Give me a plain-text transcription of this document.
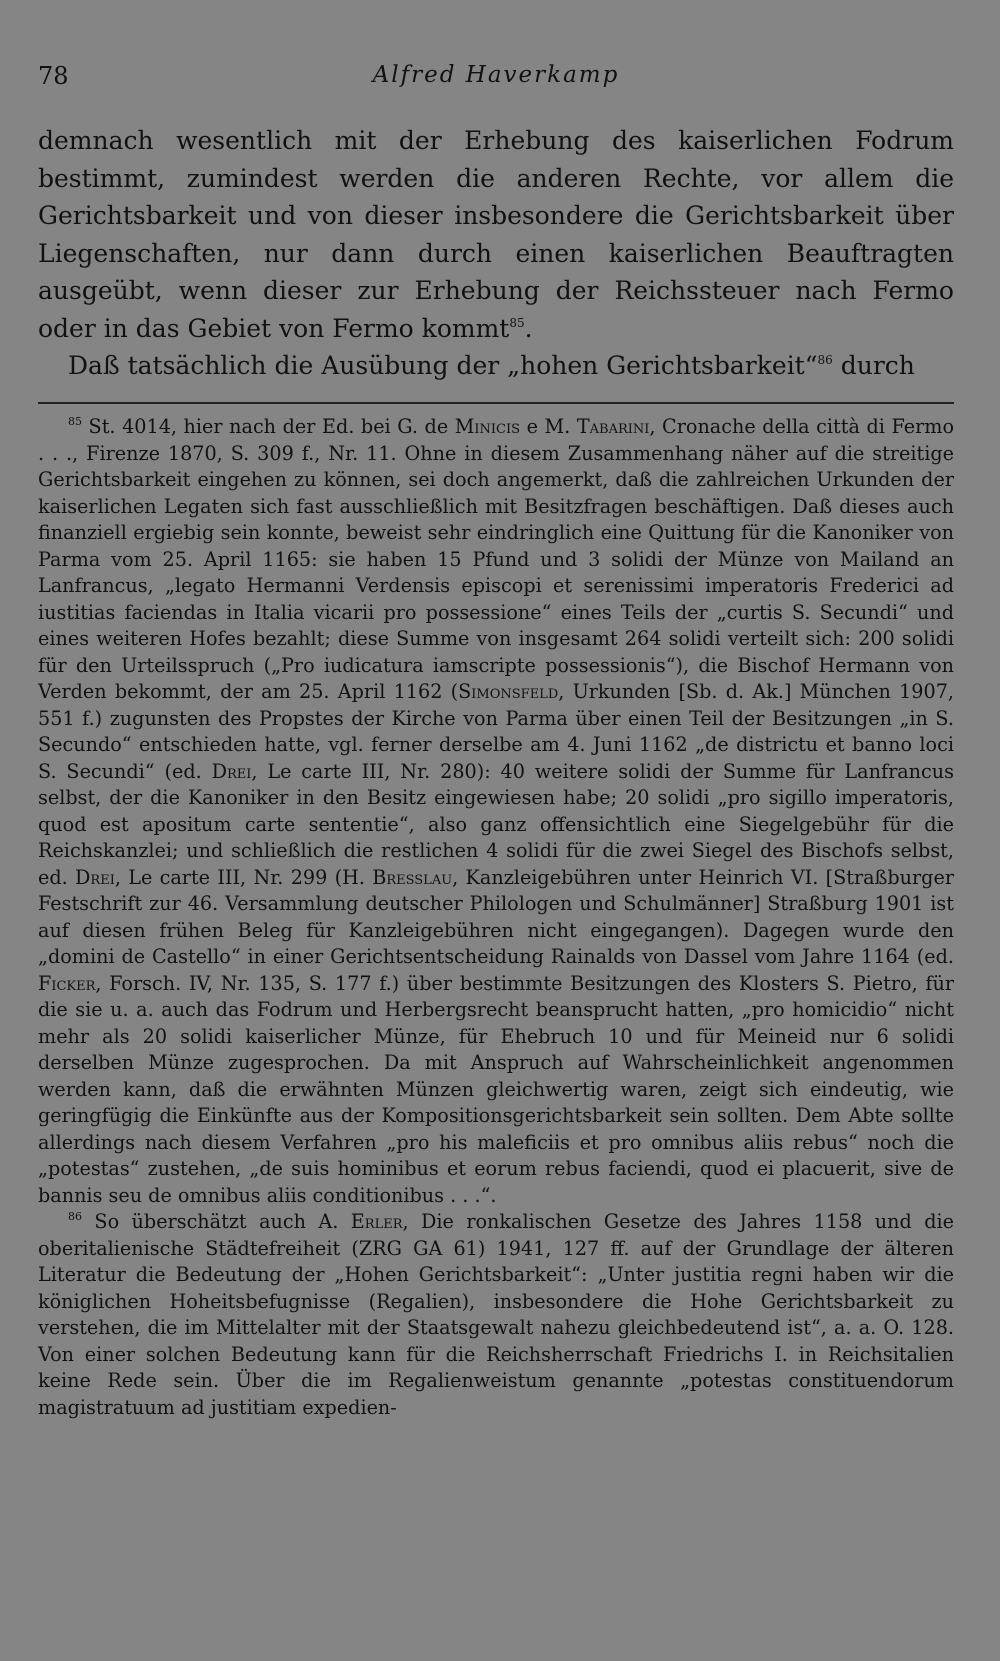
78	Alfred Haverkamp

demnach wesentlich mit der Erhebung des kaiserlichen Fodrum bestimmt, zumindest werden die anderen Rechte, vor allem die Gerichtsbarkeit und von dieser insbesondere die Gerichtsbarkeit über Liegenschaften, nur dann durch einen kaiserlichen Beauftragten ausgeübt, wenn dieser zur Erhebung der Reichssteuer nach Fermo oder in das Gebiet von Fermo kommt$^{85}$.

Daß tatsächlich die Ausübung der „hohen Gerichtsbarkeit“$^{86}$ durch

$^{85}$ St. 4014, hier nach der Ed. bei G. de Minicis e M. Tabarini, Cronache della città di Fermo . . ., Firenze 1870, S. 309 f., Nr. 11. Ohne in diesem Zusammenhang näher auf die streitige Gerichtsbarkeit eingehen zu können, sei doch angemerkt, daß die zahlreichen Urkunden der kaiserlichen Legaten sich fast ausschließlich mit Besitzfragen beschäftigen. Daß dieses auch finanziell ergiebig sein konnte, beweist sehr eindringlich eine Quittung für die Kanoniker von Parma vom 25. April 1165: sie haben 15 Pfund und 3 solidi der Münze von Mailand an Lanfrancus, „legato Hermanni Verdensis episcopi et serenissimi imperatoris Frederici ad iustitias faciendas in Italia vicarii pro possessione“ eines Teils der „curtis S. Secundi“ und eines weiteren Hofes bezahlt; diese Summe von insgesamt 264 solidi verteilt sich: 200 solidi für den Urteilsspruch („Pro iudicatura iamscripte possessionis“), die Bischof Hermann von Verden bekommt, der am 25. April 1162 (Simonsfeld, Urkunden [Sb. d. Ak.] München 1907, 551 f.) zugunsten des Propstes der Kirche von Parma über einen Teil der Besitzungen „in S. Secundo“ entschieden hatte, vgl. ferner derselbe am 4. Juni 1162 „de districtu et banno loci S. Secundi“ (ed. Drei, Le carte III, Nr. 280): 40 weitere solidi der Summe für Lanfrancus selbst, der die Kanoniker in den Besitz eingewiesen habe; 20 solidi „pro sigillo imperatoris, quod est apositum carte sententie“, also ganz offensichtlich eine Siegelgebühr für die Reichskanzlei; und schließlich die restlichen 4 solidi für die zwei Siegel des Bischofs selbst, ed. Drei, Le carte III, Nr. 299 (H. Bresslau, Kanzleigebühren unter Heinrich VI. [Straßburger Festschrift zur 46. Versammlung deutscher Philologen und Schulmänner] Straßburg 1901 ist auf diesen frühen Beleg für Kanzleigebühren nicht eingegangen). Dagegen wurde den „domini de Castello“ in einer Gerichtsentscheidung Rainalds von Dassel vom Jahre 1164 (ed. Ficker, Forsch. IV, Nr. 135, S. 177 f.) über bestimmte Besitzungen des Klosters S. Pietro, für die sie u. a. auch das Fodrum und Herbergsrecht beansprucht hatten, „pro homicidio“ nicht mehr als 20 solidi kaiserlicher Münze, für Ehebruch 10 und für Meineid nur 6 solidi derselben Münze zugesprochen. Da mit Anspruch auf Wahrscheinlichkeit angenommen werden kann, daß die erwähnten Münzen gleichwertig waren, zeigt sich eindeutig, wie geringfügig die Einkünfte aus der Kompositionsgerichtsbarkeit sein sollten. Dem Abte sollte allerdings nach diesem Verfahren „pro his maleficiis et pro omnibus aliis rebus“ noch die „potestas“ zustehen, „de suis hominibus et eorum rebus faciendi, quod ei placuerit, sive de bannis seu de omnibus aliis conditionibus . . .“.

$^{86}$ So überschätzt auch A. Erler, Die ronkalischen Gesetze des Jahres 1158 und die oberitalienische Städtefreiheit (ZRG GA 61) 1941, 127 ff. auf der Grundlage der älteren Literatur die Bedeutung der „Hohen Gerichtsbarkeit“: „Unter justitia regni haben wir die königlichen Hoheitsbefugnisse (Regalien), insbesondere die Hohe Gerichtsbarkeit zu verstehen, die im Mittelalter mit der Staatsgewalt nahezu gleichbedeutend ist“, a. a. O. 128. Von einer solchen Bedeutung kann für die Reichsherrschaft Friedrichs I. in Reichsitalien keine Rede sein. Über die im Regalienweistum genannte „potestas constituendorum magistratuum ad justitiam expedien-
